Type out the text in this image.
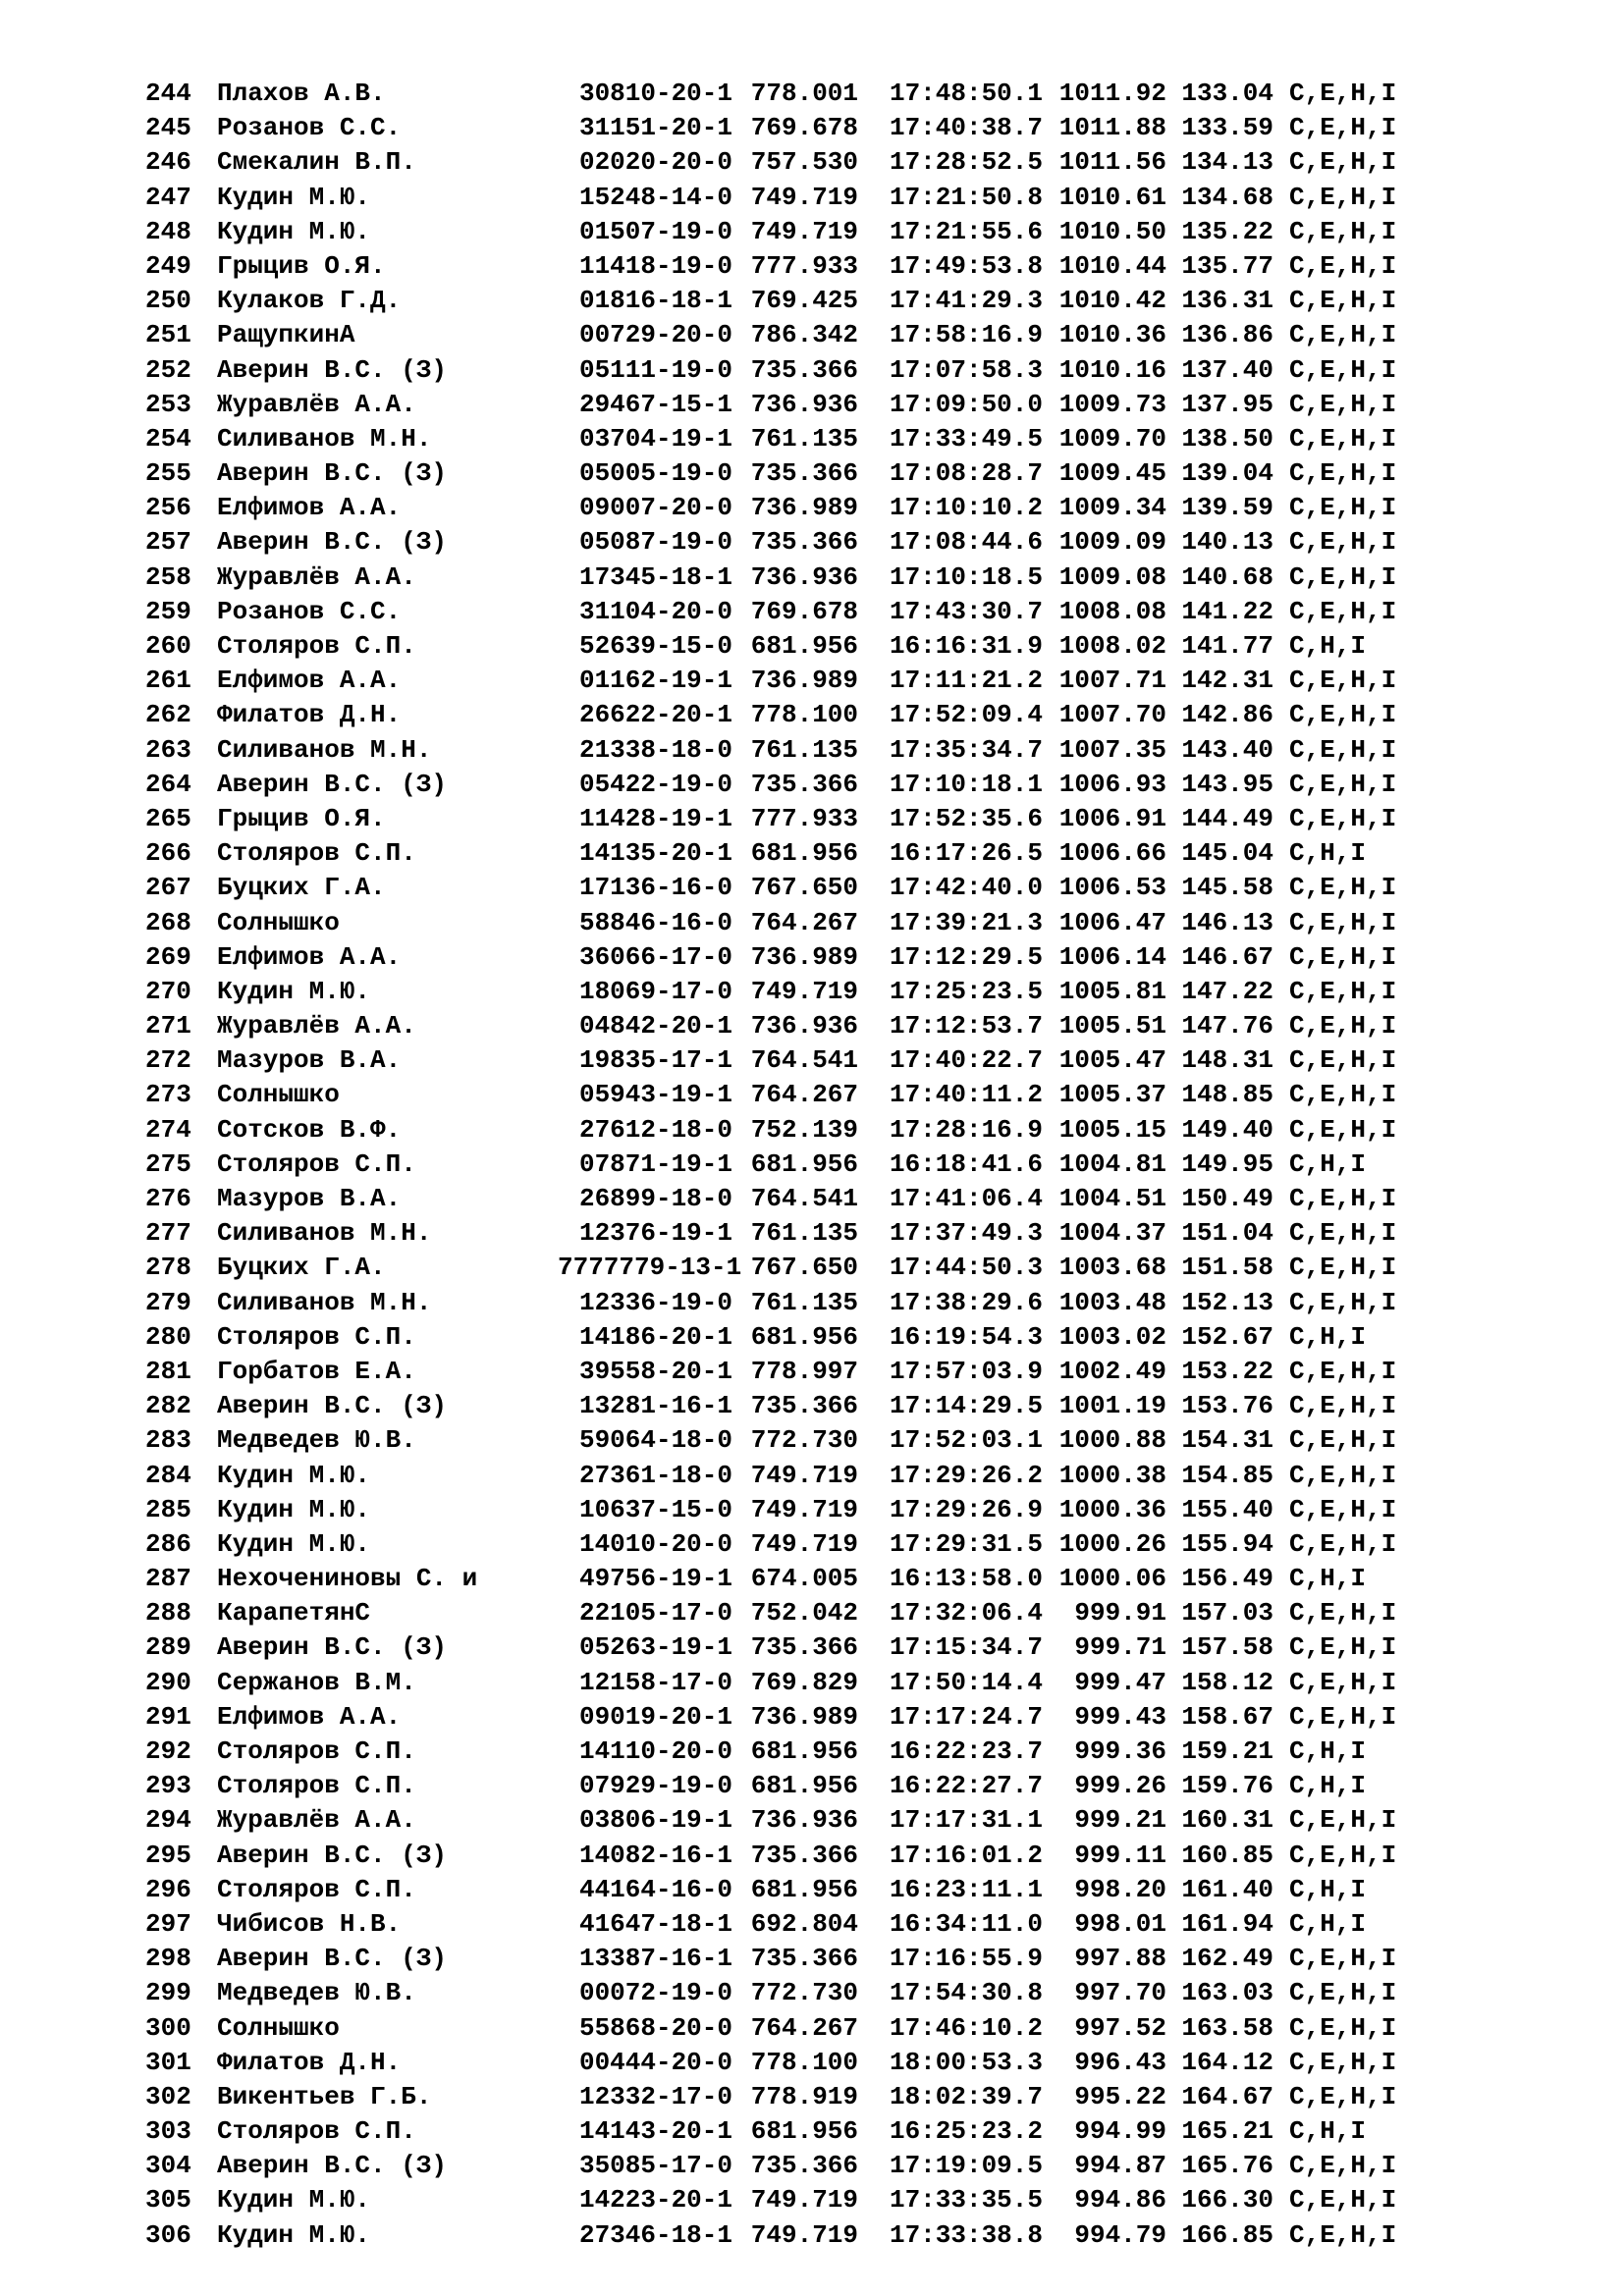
244	Плахов А.В.	30810-20-1 778.001	17:48:50.1 1011.92 133.04 C,E,H,I
245	Розанов С.С.	31151-20-1 769.678	17:40:38.7 1011.88 133.59 C,E,H,I
246	Смекалин В.П.	02020-20-0 757.530	17:28:52.5 1011.56 134.13 C,E,H,I
247	Кудин М.Ю.	15248-14-0 749.719	17:21:50.8 1010.61 134.68 C,E,H,I
248	Кудин М.Ю.	01507-19-0 749.719	17:21:55.6 1010.50 135.22 C,E,H,I
249	Грыцив О.Я.	11418-19-0 777.933	17:49:53.8 1010.44 135.77 C,E,H,I
250	Кулаков Г.Д.	01816-18-1 769.425	17:41:29.3 1010.42 136.31 C,E,H,I
251	РащупкинА	00729-20-0 786.342	17:58:16.9 1010.36 136.86 C,E,H,I
252	Аверин В.С. (З)	05111-19-0 735.366	17:07:58.3 1010.16 137.40 C,E,H,I
253	Журавлёв А.А.	29467-15-1 736.936	17:09:50.0 1009.73 137.95 C,E,H,I
254	Силиванов М.Н.	03704-19-1 761.135	17:33:49.5 1009.70 138.50 C,E,H,I
255	Аверин В.С. (З)	05005-19-0 735.366	17:08:28.7 1009.45 139.04 C,E,H,I
256	Елфимов А.А.	09007-20-0 736.989	17:10:10.2 1009.34 139.59 C,E,H,I
257	Аверин В.С. (З)	05087-19-0 735.366	17:08:44.6 1009.09 140.13 C,E,H,I
258	Журавлёв А.А.	17345-18-1 736.936	17:10:18.5 1009.08 140.68 C,E,H,I
259	Розанов С.С.	31104-20-0 769.678	17:43:30.7 1008.08 141.22 C,E,H,I
260	Столяров С.П.	52639-15-0 681.956	16:16:31.9 1008.02 141.77 C,H,I
261	Елфимов А.А.	01162-19-1 736.989	17:11:21.2 1007.71 142.31 C,E,H,I
262	Филатов Д.Н.	26622-20-1 778.100	17:52:09.4 1007.70 142.86 C,E,H,I
263	Силиванов М.Н.	21338-18-0 761.135	17:35:34.7 1007.35 143.40 C,E,H,I
264	Аверин В.С. (З)	05422-19-0 735.366	17:10:18.1 1006.93 143.95 C,E,H,I
265	Грыцив О.Я.	11428-19-1 777.933	17:52:35.6 1006.91 144.49 C,E,H,I
266	Столяров С.П.	14135-20-1 681.956	16:17:26.5 1006.66 145.04 C,H,I
267	Буцких Г.А.	17136-16-0 767.650	17:42:40.0 1006.53 145.58 C,E,H,I
268	Солнышко	58846-16-0 764.267	17:39:21.3 1006.47 146.13 C,E,H,I
269	Елфимов А.А.	36066-17-0 736.989	17:12:29.5 1006.14 146.67 C,E,H,I
270	Кудин М.Ю.	18069-17-0 749.719	17:25:23.5 1005.81 147.22 C,E,H,I
271	Журавлёв А.А.	04842-20-1 736.936	17:12:53.7 1005.51 147.76 C,E,H,I
272	Мазуров В.А.	19835-17-1 764.541	17:40:22.7 1005.47 148.31 C,E,H,I
273	Солнышко	05943-19-1 764.267	17:40:11.2 1005.37 148.85 C,E,H,I
274	Сотсков В.Ф.	27612-18-0 752.139	17:28:16.9 1005.15 149.40 C,E,H,I
275	Столяров С.П.	07871-19-1 681.956	16:18:41.6 1004.81 149.95 C,H,I
276	Мазуров В.А.	26899-18-0 764.541	17:41:06.4 1004.51 150.49 C,E,H,I
277	Силиванов М.Н.	12376-19-1 761.135	17:37:49.3 1004.37 151.04 C,E,H,I
278	Буцких Г.А.	7777779-13-1 767.650	17:44:50.3 1003.68 151.58 C,E,H,I
279	Силиванов М.Н.	12336-19-0 761.135	17:38:29.6 1003.48 152.13 C,E,H,I
280	Столяров С.П.	14186-20-1 681.956	16:19:54.3 1003.02 152.67 C,H,I
281	Горбатов Е.А.	39558-20-1 778.997	17:57:03.9 1002.49 153.22 C,E,H,I
282	Аверин В.С. (З)	13281-16-1 735.366	17:14:29.5 1001.19 153.76 C,E,H,I
283	Медведев Ю.В.	59064-18-0 772.730	17:52:03.1 1000.88 154.31 C,E,H,I
284	Кудин М.Ю.	27361-18-0 749.719	17:29:26.2 1000.38 154.85 C,E,H,I
285	Кудин М.Ю.	10637-15-0 749.719	17:29:26.9 1000.36 155.40 C,E,H,I
286	Кудин М.Ю.	14010-20-0 749.719	17:29:31.5 1000.26 155.94 C,E,H,I
287	Нехочениновы С. и	49756-19-1 674.005	16:13:58.0 1000.06 156.49 C,H,I
288	КарапетянС	22105-17-0 752.042	17:32:06.4	999.91 157.03 C,E,H,I
289	Аверин В.С. (З)	05263-19-1 735.366	17:15:34.7	999.71 157.58 C,E,H,I
290	Сержанов В.М.	12158-17-0 769.829	17:50:14.4	999.47 158.12 C,E,H,I
291	Елфимов А.А.	09019-20-1 736.989	17:17:24.7	999.43 158.67 C,E,H,I
292	Столяров С.П.	14110-20-0 681.956	16:22:23.7	999.36 159.21 C,H,I
293	Столяров С.П.	07929-19-0 681.956	16:22:27.7	999.26 159.76 C,H,I
294	Журавлёв А.А.	03806-19-1 736.936	17:17:31.1	999.21 160.31 C,E,H,I
295	Аверин В.С. (З)	14082-16-1 735.366	17:16:01.2	999.11 160.85 C,E,H,I
296	Столяров С.П.	44164-16-0 681.956	16:23:11.1	998.20 161.40 C,H,I
297	Чибисов Н.В.	41647-18-1 692.804	16:34:11.0	998.01 161.94 C,H,I
298	Аверин В.С. (З)	13387-16-1 735.366	17:16:55.9	997.88 162.49 C,E,H,I
299	Медведев Ю.В.	00072-19-0 772.730	17:54:30.8	997.70 163.03 C,E,H,I
300	Солнышко	55868-20-0 764.267	17:46:10.2	997.52 163.58 C,E,H,I
301	Филатов Д.Н.	00444-20-0 778.100	18:00:53.3	996.43 164.12 C,E,H,I
302	Викентьев Г.Б.	12332-17-0 778.919	18:02:39.7	995.22 164.67 C,E,H,I
303	Столяров С.П.	14143-20-1 681.956	16:25:23.2	994.99 165.21 C,H,I
304	Аверин В.С. (З)	35085-17-0 735.366	17:19:09.5	994.87 165.76 C,E,H,I
305	Кудин М.Ю.	14223-20-1 749.719	17:33:35.5	994.86 166.30 C,E,H,I
306	Кудин М.Ю.	27346-18-1 749.719	17:33:38.8	994.79 166.85 C,E,H,I
